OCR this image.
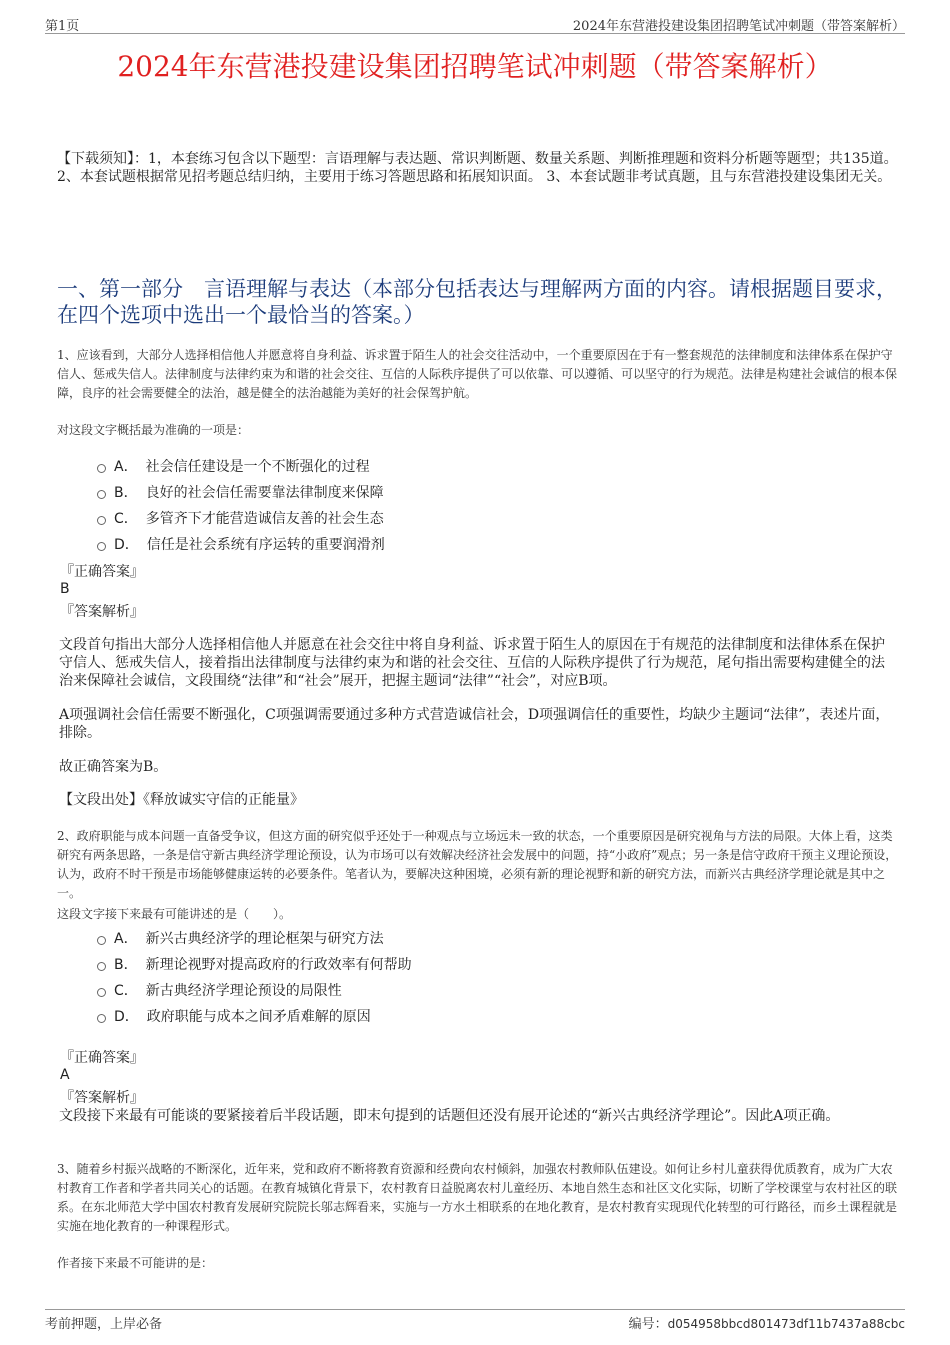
第1页	2024年东营港投建设集团招聘笔试冲刺题（带答案解析）
2024年东营港投建设集团招聘笔试冲刺题（带答案解析）
【下载须知】：1，本套练习包含以下题型：言语理解与表达题、常识判断题、数量关系题、判断推理题和资料分析题等题型；共135道。 2、本套试题根据常见招考题总结归纳，主要用于练习答题思路和拓展知识面。 3、本套试题非考试真题，且与东营港投建设集团无关。
一、第一部分　言语理解与表达（本部分包括表达与理解两方面的内容。请根据题目要求，在四个选项中选出一个最恰当的答案。）
1、应该看到，大部分人选择相信他人并愿意将自身利益、诉求置于陌生人的社会交往活动中，一个重要原因在于有一整套规范的法律制度和法律体系在保护守信人、惩戒失信人。法律制度与法律约束为和谐的社会交往、互信的人际秩序提供了可以依靠、可以遵循、可以坚守的行为规范。法律是构建社会诚信的根本保障，良序的社会需要健全的法治，越是健全的法治越能为美好的社会保驾护航。
对这段文字概括最为准确的一项是：
A． 社会信任建设是一个不断强化的过程
B． 良好的社会信任需要靠法律制度来保障
C． 多管齐下才能营造诚信友善的社会生态
D． 信任是社会系统有序运转的重要润滑剂
『正确答案』
B
『答案解析』
文段首句指出大部分人选择相信他人并愿意在社会交往中将自身利益、诉求置于陌生人的原因在于有规范的法律制度和法律体系在保护守信人、惩戒失信人，接着指出法律制度与法律约束为和谐的社会交往、互信的人际秩序提供了行为规范，尾句指出需要构建健全的法治来保障社会诚信，文段围绕“法律”和“社会”展开，把握主题词“法律”“社会”，对应B项。
A项强调社会信任需要不断强化，C项强调需要通过多种方式营造诚信社会，D项强调信任的重要性，均缺少主题词“法律”，表述片面，排除。
故正确答案为B。
【文段出处】《释放诚实守信的正能量》
2、政府职能与成本问题一直备受争议，但这方面的研究似乎还处于一种观点与立场远未一致的状态，一个重要原因是研究视角与方法的局限。大体上看，这类研究有两条思路，一条是信守新古典经济学理论预设，认为市场可以有效解决经济社会发展中的问题，持“小政府”观点；另一条是信守政府干预主义理论预设，认为，政府不时干预是市场能够健康运转的必要条件。笔者认为，要解决这种困境，必须有新的理论视野和新的研究方法，而新兴古典经济学理论就是其中之一。
这段文字接下来最有可能讲述的是（　　）。
A． 新兴古典经济学的理论框架与研究方法
B． 新理论视野对提高政府的行政效率有何帮助
C． 新古典经济学理论预设的局限性
D． 政府职能与成本之间矛盾难解的原因
『正确答案』
A
『答案解析』
文段接下来最有可能谈的要紧接着后半段话题，即末句提到的话题但还没有展开论述的“新兴古典经济学理论”。因此A项正确。
3、随着乡村振兴战略的不断深化，近年来，党和政府不断将教育资源和经费向农村倾斜，加强农村教师队伍建设。如何让乡村儿童获得优质教育，成为广大农村教育工作者和学者共同关心的话题。在教育城镇化背景下，农村教育日益脱离农村儿童经历、本地自然生态和社区文化实际，切断了学校课堂与农村社区的联系。在东北师范大学中国农村教育发展研究院院长邬志辉看来，实施与一方水土相联系的在地化教育，是农村教育实现现代化转型的可行路径，而乡土课程就是实施在地化教育的一种课程形式。
作者接下来最不可能讲的是：
考前押题，上岸必备	编号：d054958bbcd801473df11b7437a88cbc
